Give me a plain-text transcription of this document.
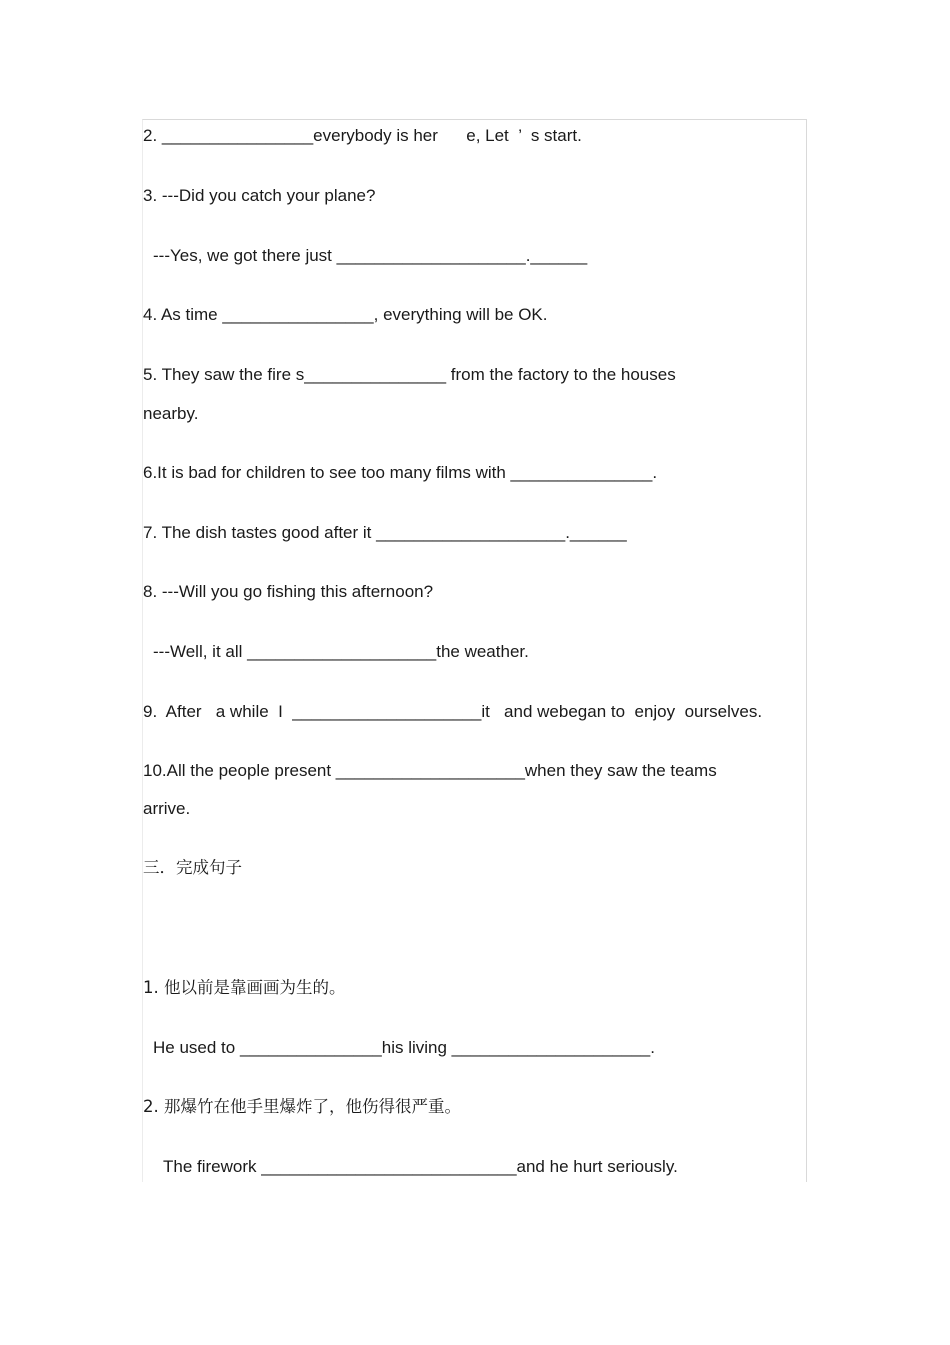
2. ________________everybody is her      e, Let  ’  s start.
3. ---Did you catch your plane?
---Yes, we got there just ____________________.______
4. As time ________________, everything will be OK.
5. They saw the fire s_______________ from the factory to the houses
nearby.
6.It is bad for children to see too many films with _______________.
7. The dish tastes good after it ____________________.______
8. ---Will you go fishing this afternoon?
---Well, it all ____________________the weather.
9.  After   a while  I  ____________________it   and webegan to  enjoy  ourselves.
10.All the people present ____________________when they saw the teams
arrive.
三．完成句子
1. 他以前是靠画画为生的。
He used to _______________his living _____________________.
2. 那爆竹在他手里爆炸了，他伤得很严重。
The firework ___________________________and he hurt seriously.
